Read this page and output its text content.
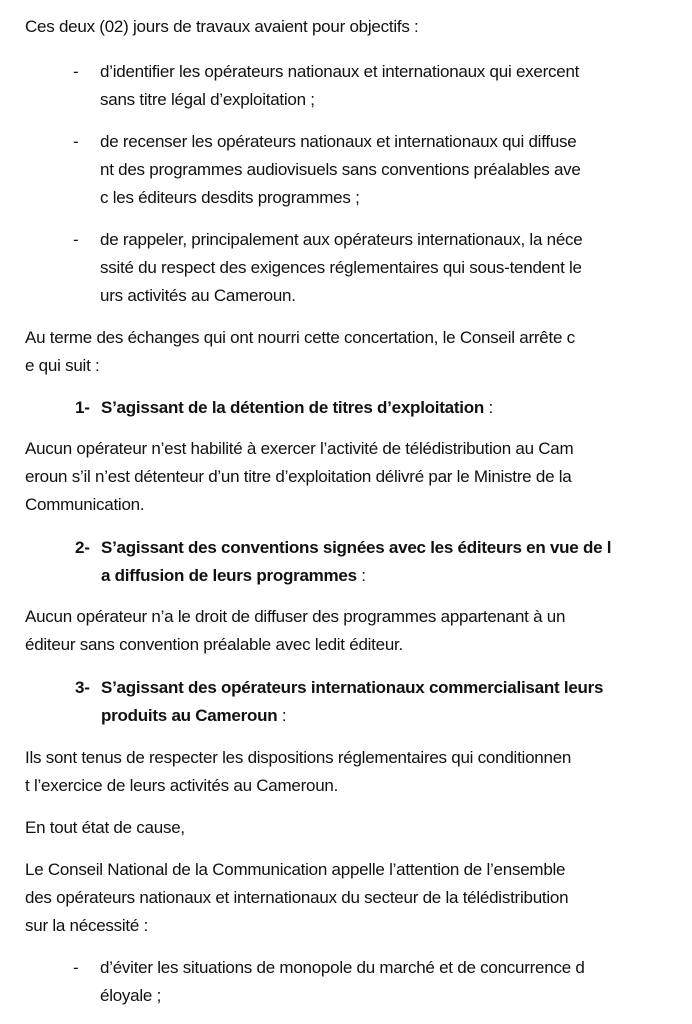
Ces deux (02) jours de travaux avaient pour objectifs :
- d’identifier les opérateurs nationaux et internationaux qui exercent
sans titre légal d’exploitation ;
- de recenser les opérateurs nationaux et internationaux qui diffuse
nt des programmes audiovisuels sans conventions préalables ave
c les éditeurs desdits programmes ;
- de rappeler, principalement aux opérateurs internationaux, la néce
ssité du respect des exigences réglementaires qui sous-tendent le
urs activités au Cameroun.
Au terme des échanges qui ont nourri cette concertation, le Conseil arrête c
e qui suit :
1- S’agissant de la détention de titres d’exploitation :
Aucun opérateur n’est habilité à exercer l’activité de télédistribution au Cam
eroun s’il n’est détenteur d’un titre d’exploitation délivré par le Ministre de la
Communication.
2- S’agissant des conventions signées avec les éditeurs en vue de l
a diffusion de leurs programmes :
Aucun opérateur n’a le droit de diffuser des programmes appartenant à un
éditeur sans convention préalable avec ledit éditeur.
3- S’agissant des opérateurs internationaux commercialisant leurs
produits au Cameroun :
Ils sont tenus de respecter les dispositions réglementaires qui conditionnen
t l’exercice de leurs activités au Cameroun.
En tout état de cause,
Le Conseil National de la Communication appelle l’attention de l’ensemble
des opérateurs nationaux et internationaux du secteur de la télédistribution
sur la nécessité :
- d’éviter les situations de monopole du marché et de concurrence d
éloyale ;
